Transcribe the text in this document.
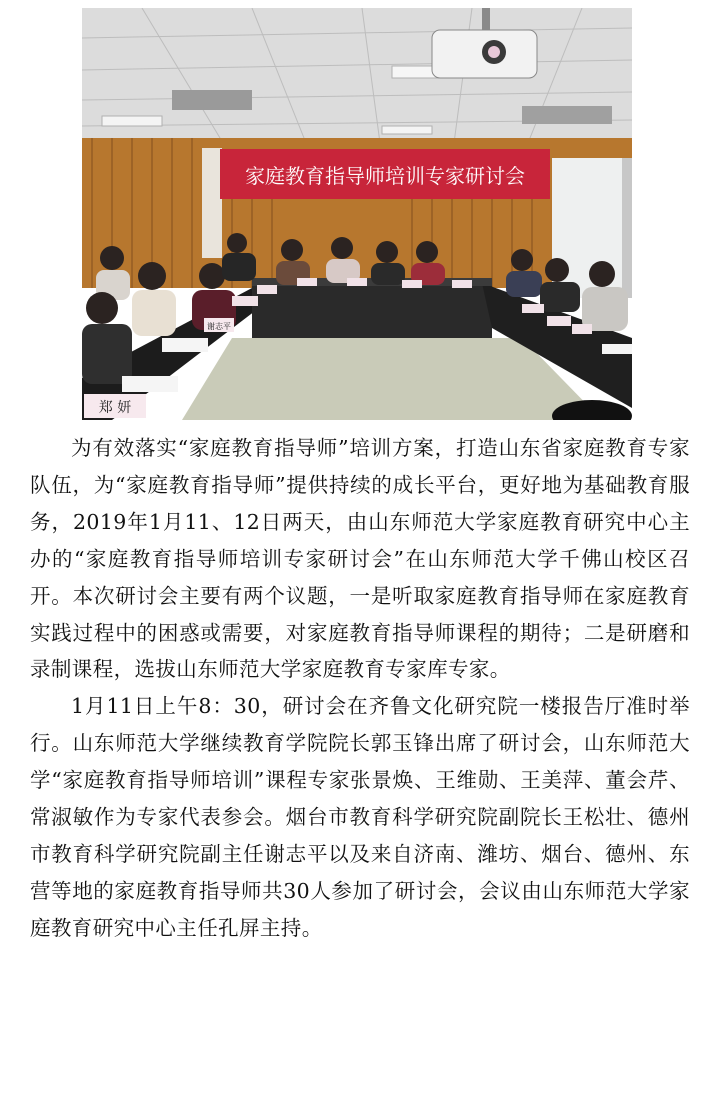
家庭教育指导师培训专家研讨会
郑 妍
谢志平

为有效落实“家庭教育指导师”培训方案，打造山东省家庭教育专家队伍，为“家庭教育指导师”提供持续的成长平台，更好地为基础教育服务，2019年1月11、12日两天，由山东师范大学家庭教育研究中心主办的“家庭教育指导师培训专家研讨会”在山东师范大学千佛山校区召开。本次研讨会主要有两个议题，一是听取家庭教育指导师在家庭教育实践过程中的困惑或需要，对家庭教育指导师课程的期待；二是研磨和录制课程，选拔山东师范大学家庭教育专家库专家。

1月11日上午8：30，研讨会在齐鲁文化研究院一楼报告厅准时举行。山东师范大学继续教育学院院长郭玉锋出席了研讨会，山东师范大学“家庭教育指导师培训”课程专家张景焕、王维勋、王美萍、董会芹、常淑敏作为专家代表参会。烟台市教育科学研究院副院长王松壮、德州市教育科学研究院副主任谢志平以及来自济南、潍坊、烟台、德州、东营等地的家庭教育指导师共30人参加了研讨会，会议由山东师范大学家庭教育研究中心主任孔屏主持。
